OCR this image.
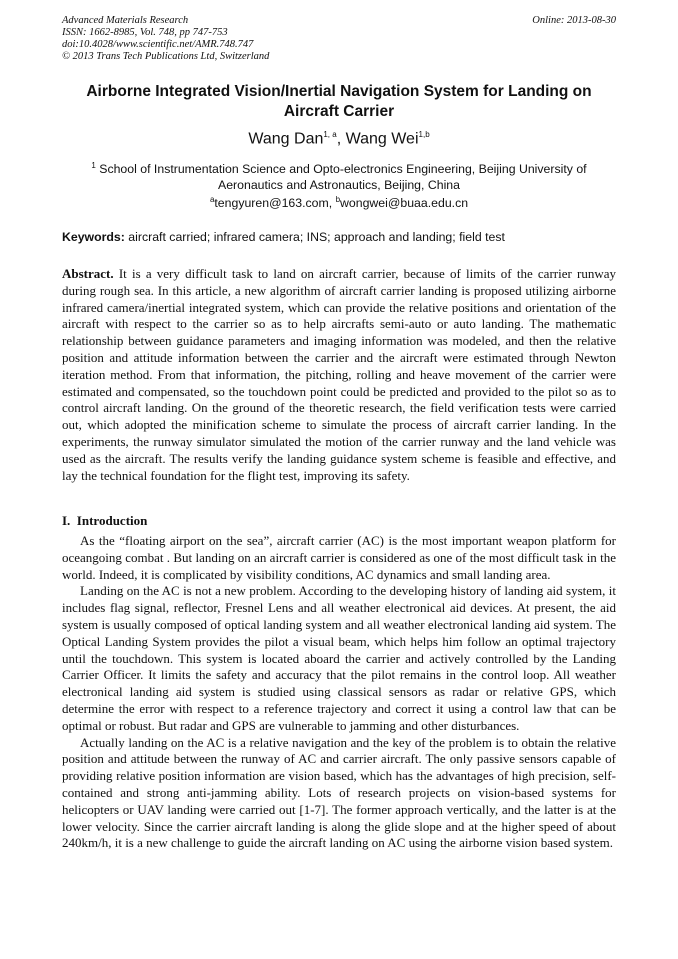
Advanced Materials Research
ISSN: 1662-8985, Vol. 748, pp 747-753
doi:10.4028/www.scientific.net/AMR.748.747
© 2013 Trans Tech Publications Ltd, Switzerland
Online: 2013-08-30
Airborne Integrated Vision/Inertial Navigation System for Landing on Aircraft Carrier
Wang Dan$^{1, a}$, Wang Wei$^{1,b}$
$^1$ School of Instrumentation Science and Opto-electronics Engineering, Beijing University of Aeronautics and Astronautics, Beijing, China
$^a$tengyuren@163.com, $^b$wongwei@buaa.edu.cn
Keywords: aircraft carried; infrared camera; INS; approach and landing; field test
Abstract. It is a very difficult task to land on aircraft carrier, because of limits of the carrier runway during rough sea. In this article, a new algorithm of aircraft carrier landing is proposed utilizing airborne infrared camera/inertial integrated system, which can provide the relative positions and orientation of the aircraft with respect to the carrier so as to help aircrafts semi-auto or auto landing. The mathematic relationship between guidance parameters and imaging information was modeled, and then the relative position and attitude information between the carrier and the aircraft were estimated through Newton iteration method. From that information, the pitching, rolling and heave movement of the carrier were estimated and compensated, so the touchdown point could be predicted and provided to the pilot so as to control aircraft landing. On the ground of the theoretic research, the field verification tests were carried out, which adopted the minification scheme to simulate the process of aircraft carrier landing. In the experiments, the runway simulator simulated the motion of the carrier runway and the land vehicle was used as the aircraft. The results verify the landing guidance system scheme is feasible and effective, and lay the technical foundation for the flight test, improving its safety.
I.  Introduction

As the “floating airport on the sea”, aircraft carrier (AC) is the most important weapon platform for oceangoing combat . But landing on an aircraft carrier is considered as one of the most difficult task in the world. Indeed, it is complicated by visibility conditions, AC dynamics and small landing area.

Landing on the AC is not a new problem. According to the developing history of landing aid system, it includes flag signal, reflector, Fresnel Lens and all weather electronical aid devices. At present, the aid system is usually composed of optical landing system and all weather electronical landing aid system. The Optical Landing System provides the pilot a visual beam, which helps him follow an optimal trajectory until the touchdown. This system is located aboard the carrier and actively controlled by the Landing Carrier Officer. It limits the safety and accuracy that the pilot remains in the control loop. All weather electronical landing aid system is studied using classical sensors as radar or relative GPS, which determine the error with respect to a reference trajectory and correct it using a control law that can be optimal or robust. But radar and GPS are vulnerable to jamming and other disturbances.

Actually landing on the AC is a relative navigation and the key of the problem is to obtain the relative position and attitude between the runway of AC and carrier aircraft. The only passive sensors capable of providing relative position information are vision based, which has the advantages of high precision, self-contained and strong anti-jamming ability. Lots of research projects on vision-based systems for helicopters or UAV landing were carried out [1-7]. The former approach vertically, and the latter is at the lower velocity. Since the carrier aircraft landing is along the glide slope and at the higher speed of about 240km/h, it is a new challenge to guide the aircraft landing on AC using the airborne vision based system.
